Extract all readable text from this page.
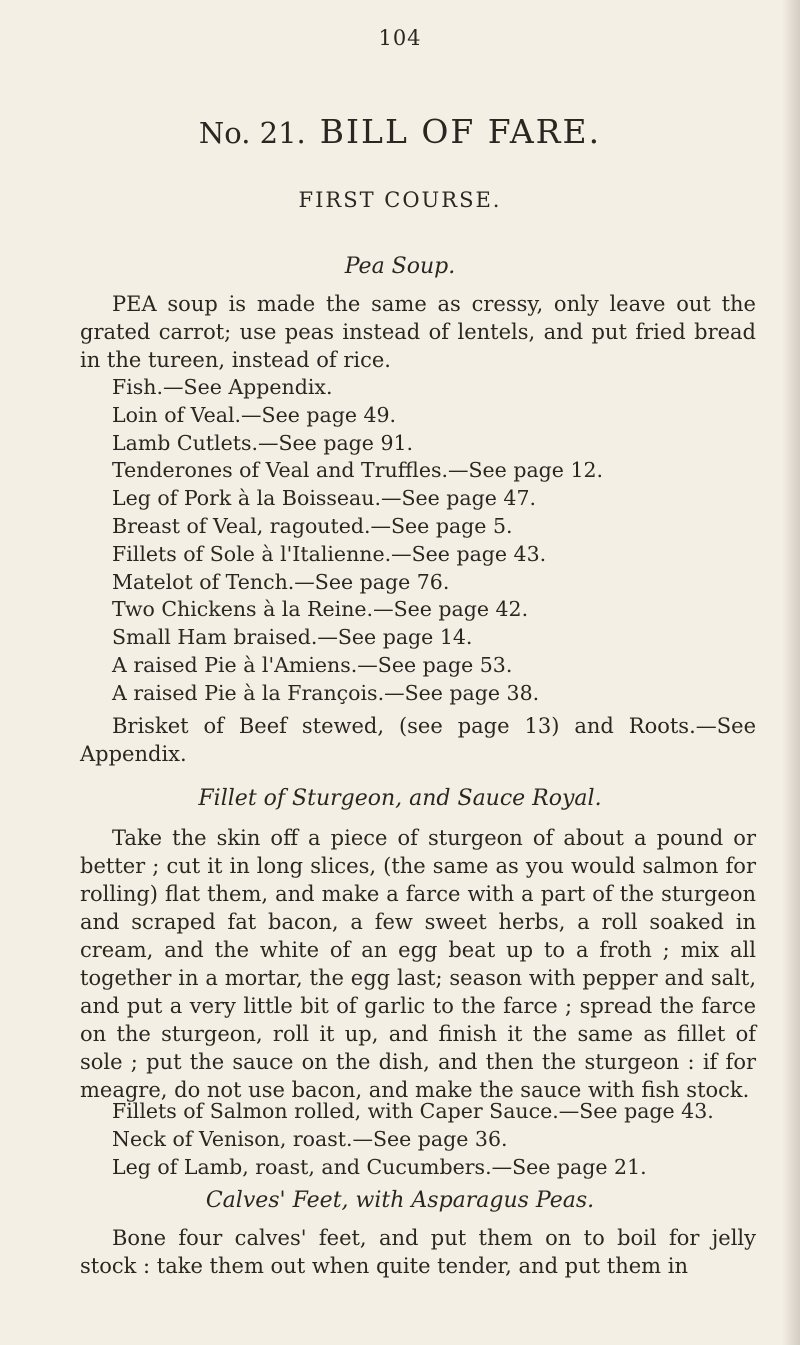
104
No. 21. BILL OF FARE.
FIRST COURSE.
Pea Soup.

PEA soup is made the same as cressy, only leave out the grated carrot; use peas instead of lentels, and put fried bread in the tureen, instead of rice.

Fish.—See Appendix.
Loin of Veal.—See page 49.
Lamb Cutlets.—See page 91.
Tenderones of Veal and Truffles.—See page 12.
Leg of Pork à la Boisseau.—See page 47.
Breast of Veal, ragouted.—See page 5.
Fillets of Sole à l'Italienne.—See page 43.
Matelot of Tench.—See page 76.
Two Chickens à la Reine.—See page 42.
Small Ham braised.—See page 14.
A raised Pie à l'Amiens.—See page 53.
A raised Pie à la François.—See page 38.

Brisket of Beef stewed, (see page 13) and Roots.—See Appendix.

Fillet of Sturgeon, and Sauce Royal.

Take the skin off a piece of sturgeon of about a pound or better ; cut it in long slices, (the same as you would salmon for rolling) flat them, and make a farce with a part of the sturgeon and scraped fat bacon, a few sweet herbs, a roll soaked in cream, and the white of an egg beat up to a froth ; mix all together in a mortar, the egg last; season with pepper and salt, and put a very little bit of garlic to the farce ; spread the farce on the sturgeon, roll it up, and finish it the same as fillet of sole ; put the sauce on the dish, and then the sturgeon : if for meagre, do not use bacon, and make the sauce with fish stock.

Fillets of Salmon rolled, with Caper Sauce.—See page 43.
Neck of Venison, roast.—See page 36.
Leg of Lamb, roast, and Cucumbers.—See page 21.
Calves' Feet, with Asparagus Peas.

Bone four calves' feet, and put them on to boil for jelly stock : take them out when quite tender, and put them in
